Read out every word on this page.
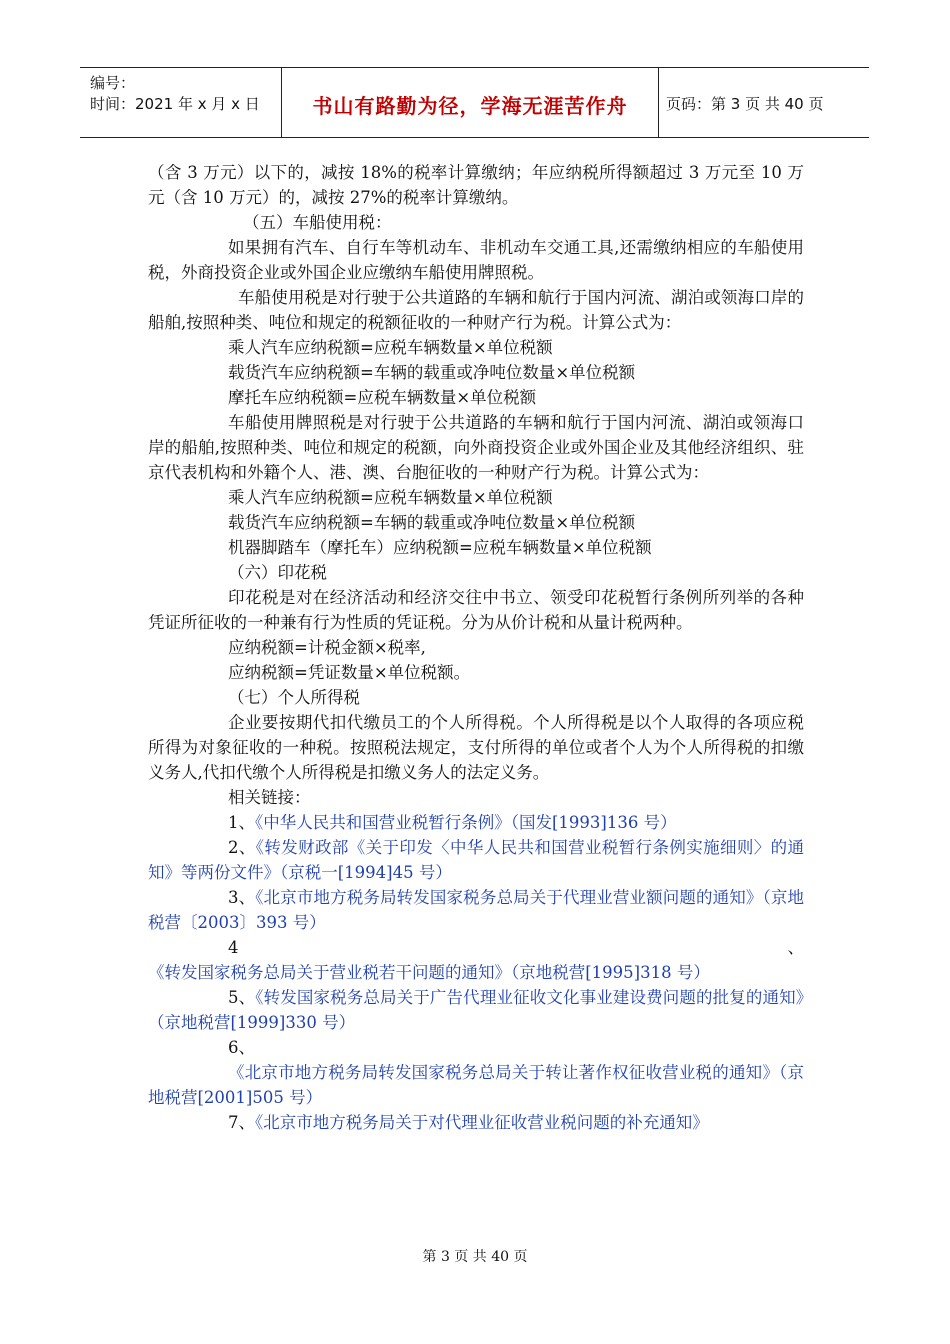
编号：
时间：2021 年 x 月 x 日	书山有路勤为径，学海无涯苦作舟	页码：第 3 页 共 40 页

（含 3 万元）以下的，减按 18%的税率计算缴纳；年应纳税所得额超过 3 万元至 10 万元（含 10 万元）的，减按 27%的税率计算缴纳。

（五）车船使用税：

如果拥有汽车、自行车等机动车、非机动车交通工具,还需缴纳相应的车船使用税，外商投资企业或外国企业应缴纳车船使用牌照税。

车船使用税是对行驶于公共道路的车辆和航行于国内河流、湖泊或领海口岸的船舶,按照种类、吨位和规定的税额征收的一种财产行为税。计算公式为：

乘人汽车应纳税额=应税车辆数量×单位税额

载货汽车应纳税额=车辆的载重或净吨位数量×单位税额

摩托车应纳税额=应税车辆数量×单位税额

车船使用牌照税是对行驶于公共道路的车辆和航行于国内河流、湖泊或领海口岸的船舶,按照种类、吨位和规定的税额，向外商投资企业或外国企业及其他经济组织、驻京代表机构和外籍个人、港、澳、台胞征收的一种财产行为税。计算公式为：

乘人汽车应纳税额=应税车辆数量×单位税额

载货汽车应纳税额=车辆的载重或净吨位数量×单位税额

机器脚踏车（摩托车）应纳税额=应税车辆数量×单位税额

（六）印花税

印花税是对在经济活动和经济交往中书立、领受印花税暂行条例所列举的各种凭证所征收的一种兼有行为性质的凭证税。分为从价计税和从量计税两种。

应纳税额=计税金额×税率,

应纳税额=凭证数量×单位税额。

（七）个人所得税

企业要按期代扣代缴员工的个人所得税。个人所得税是以个人取得的各项应税所得为对象征收的一种税。按照税法规定，支付所得的单位或者个人为个人所得税的扣缴义务人,代扣代缴个人所得税是扣缴义务人的法定义务。

相关链接：

1、《中华人民共和国营业税暂行条例》（国发[1993]136 号）

2、《转发财政部《关于印发〈中华人民共和国营业税暂行条例实施细则〉的通知》等两份文件》（京税一[1994]45 号）

3、《北京市地方税务局转发国家税务总局关于代理业营业额问题的通知》（京地税营〔2003〕393 号）

4、《转发国家税务总局关于营业税若干问题的通知》（京地税营[1995]318 号）

5、《转发国家税务总局关于广告代理业征收文化事业建设费问题的批复的通知》（京地税营[1999]330 号）

6、

《北京市地方税务局转发国家税务总局关于转让著作权征收营业税的通知》（京地税营[2001]505 号）

7、《北京市地方税务局关于对代理业征收营业税问题的补充通知》

第 3 页 共 40 页
